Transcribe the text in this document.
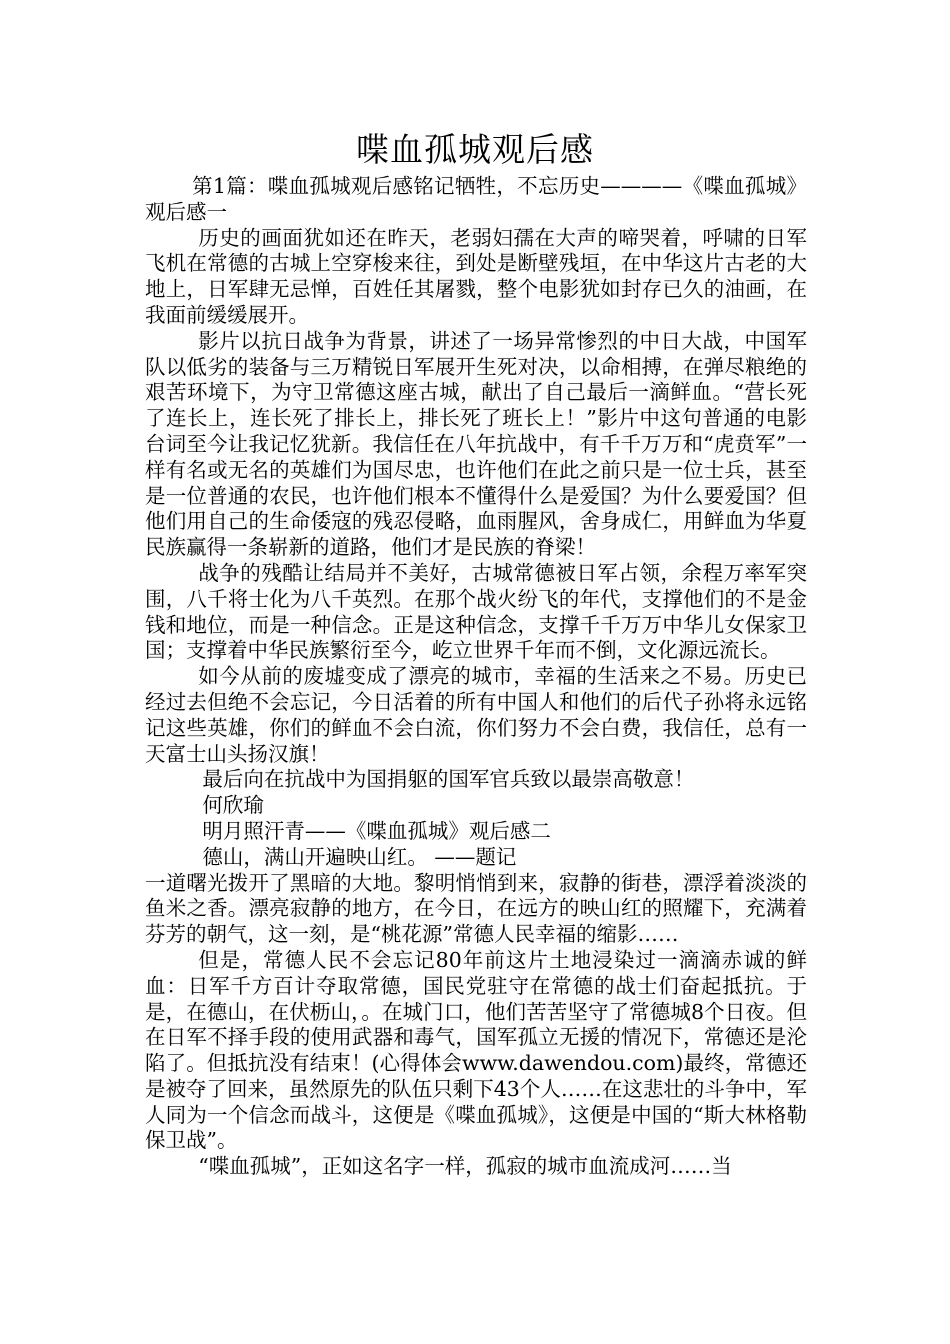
喋血孤城观后感

第1篇：喋血孤城观后感铭记牺牲，不忘历史————《喋血孤城》观后感一

历史的画面犹如还在昨天，老弱妇孺在大声的啼哭着，呼啸的日军飞机在常德的古城上空穿梭来往，到处是断壁残垣，在中华这片古老的大地上，日军肆无忌惮，百姓任其屠戮，整个电影犹如封存已久的油画，在我面前缓缓展开。

影片以抗日战争为背景，讲述了一场异常惨烈的中日大战，中国军队以低劣的装备与三万精锐日军展开生死对决，以命相搏，在弹尽粮绝的艰苦环境下，为守卫常德这座古城，献出了自己最后一滴鲜血。“营长死了连长上，连长死了排长上，排长死了班长上！”影片中这句普通的电影台词至今让我记忆犹新。我信任在八年抗战中，有千千万万和“虎贲军”一样有名或无名的英雄们为国尽忠，也许他们在此之前只是一位士兵，甚至是一位普通的农民，也许他们根本不懂得什么是爱国？为什么要爱国？但他们用自己的生命倭寇的残忍侵略，血雨腥风，舍身成仁，用鲜血为华夏民族赢得一条崭新的道路，他们才是民族的脊梁！

战争的残酷让结局并不美好，古城常德被日军占领，余程万率军突围，八千将士化为八千英烈。在那个战火纷飞的年代，支撑他们的不是金钱和地位，而是一种信念。正是这种信念，支撑千千万万中华儿女保家卫国；支撑着中华民族繁衍至今，屹立世界千年而不倒，文化源远流长。

如今从前的废墟变成了漂亮的城市，幸福的生活来之不易。历史已经过去但绝不会忘记，今日活着的所有中国人和他们的后代子孙将永远铭记这些英雄，你们的鲜血不会白流，你们努力不会白费，我信任，总有一天富士山头扬汉旗！

最后向在抗战中为国捐躯的国军官兵致以最崇高敬意！

何欣瑜

明月照汗青——《喋血孤城》观后感二

德山，满山开遍映山红。 ——题记

一道曙光拨开了黑暗的大地。黎明悄悄到来，寂静的街巷，漂浮着淡淡的鱼米之香。漂亮寂静的地方，在今日，在远方的映山红的照耀下，充满着芬芳的朝气，这一刻，是“桃花源”常德人民幸福的缩影……

但是，常德人民不会忘记80年前这片土地浸染过一滴滴赤诚的鲜血：日军千方百计夺取常德，国民党驻守在常德的战士们奋起抵抗。于是，在德山，在伏枥山，。在城门口，他们苦苦坚守了常德城8个日夜。但在日军不择手段的使用武器和毒气，国军孤立无援的情况下，常德还是沦陷了。但抵抗没有结束！(心得体会www.dawendou.com)最终，常德还是被夺了回来，虽然原先的队伍只剩下43个人……在这悲壮的斗争中，军人同为一个信念而战斗，这便是《喋血孤城》，这便是中国的“斯大林格勒保卫战”。

“喋血孤城”，正如这名字一样，孤寂的城市血流成河……当
